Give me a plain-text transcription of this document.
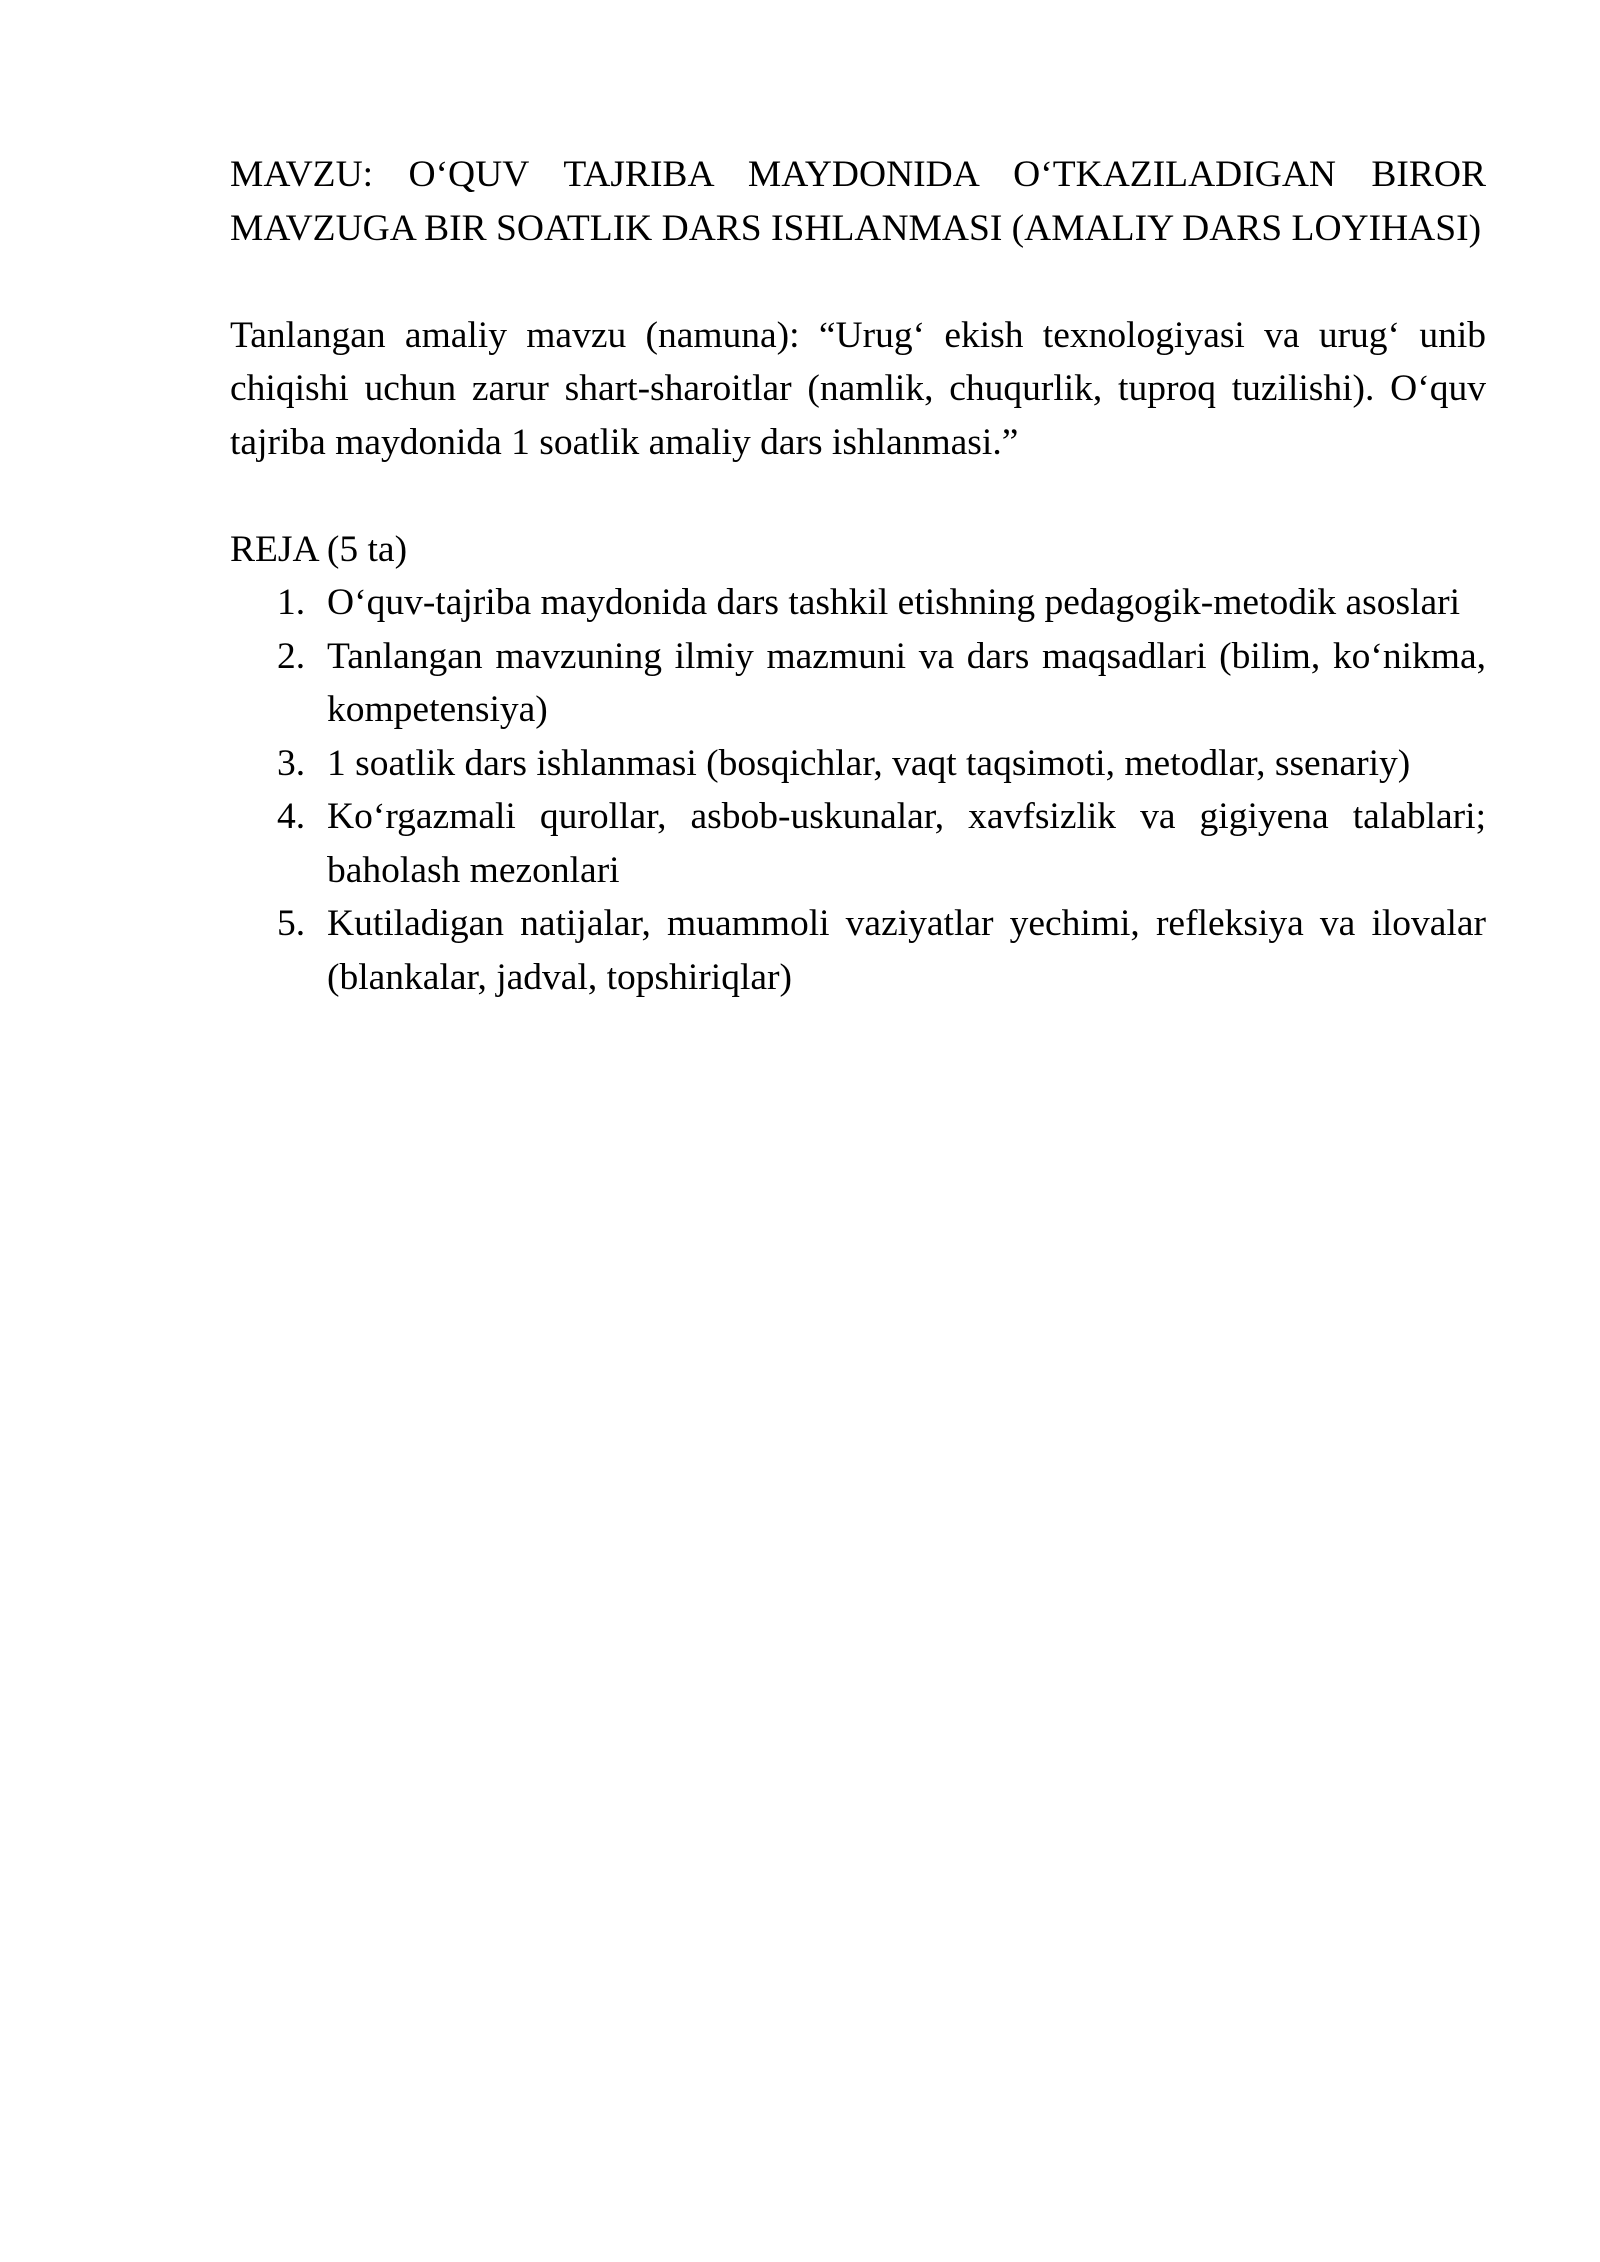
MAVZU: O‘QUV TAJRIBA MAYDONIDA O‘TKAZILADIGAN BIROR MAVZUGA BIR SOATLIK DARS ISHLANMASI (AMALIY DARS LOYIHASI)

Tanlangan amaliy mavzu (namuna): “Urug‘ ekish texnologiyasi va urug‘ unib chiqishi uchun zarur shart-sharoitlar (namlik, chuqurlik, tuproq tuzilishi). O‘quv tajriba maydonida 1 soatlik amaliy dars ishlanmasi.”

REJA (5 ta)

1. O‘quv-tajriba maydonida dars tashkil etishning pedagogik-metodik asoslari
2. Tanlangan mavzuning ilmiy mazmuni va dars maqsadlari (bilim, ko‘nikma, kompetensiya)
3. 1 soatlik dars ishlanmasi (bosqichlar, vaqt taqsimoti, metodlar, ssenariy)
4. Ko‘rgazmali qurollar, asbob-uskunalar, xavfsizlik va gigiyena talablari; baholash mezonlari
5. Kutiladigan natijalar, muammoli vaziyatlar yechimi, refleksiya va ilovalar (blankalar, jadval, topshiriqlar)
